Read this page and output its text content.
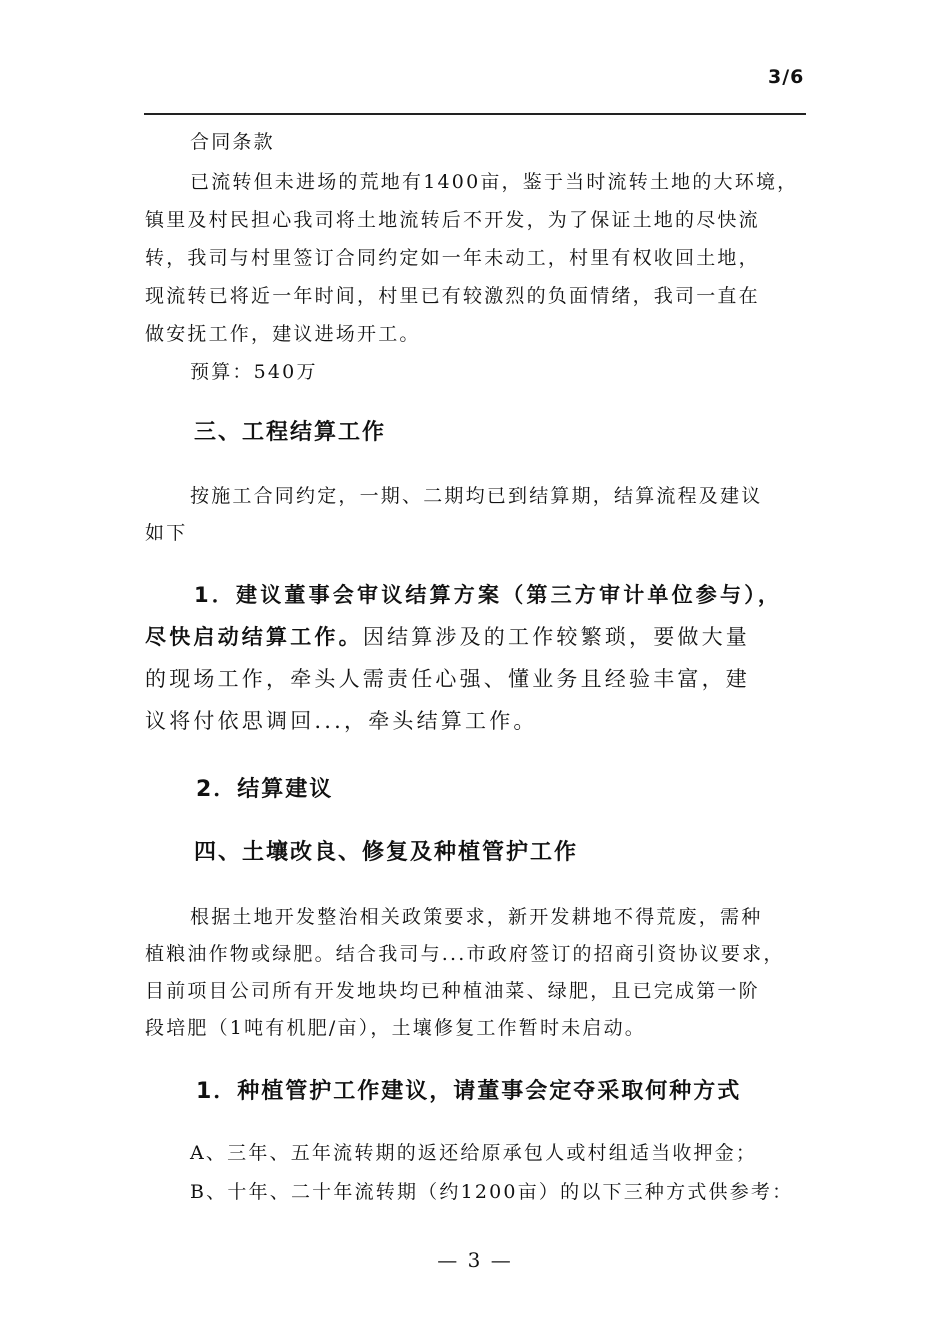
3/6
合同条款
已流转但未进场的荒地有1400亩，鉴于当时流转土地的大环境，
镇里及村民担心我司将土地流转后不开发，为了保证土地的尽快流
转，我司与村里签订合同约定如一年未动工，村里有权收回土地，
现流转已将近一年时间，村里已有较激烈的负面情绪，我司一直在
做安抚工作，建议进场开工。
预算：540万
三、工程结算工作
按施工合同约定，一期、二期均已到结算期，结算流程及建议
如下
1．建议董事会审议结算方案（第三方审计单位参与），
尽快启动结算工作。因结算涉及的工作较繁琐，要做大量
的现场工作，牵头人需责任心强、懂业务且经验丰富，建
议将付依思调回...，牵头结算工作。
2．结算建议
四、土壤改良、修复及种植管护工作
根据土地开发整治相关政策要求，新开发耕地不得荒废，需种
植粮油作物或绿肥。结合我司与...市政府签订的招商引资协议要求，
目前项目公司所有开发地块均已种植油菜、绿肥，且已完成第一阶
段培肥（1吨有机肥/亩），土壤修复工作暂时未启动。
1．种植管护工作建议，请董事会定夺采取何种方式
A、三年、五年流转期的返还给原承包人或村组适当收押金；
B、十年、二十年流转期（约1200亩）的以下三种方式供参考：
— 3 —
